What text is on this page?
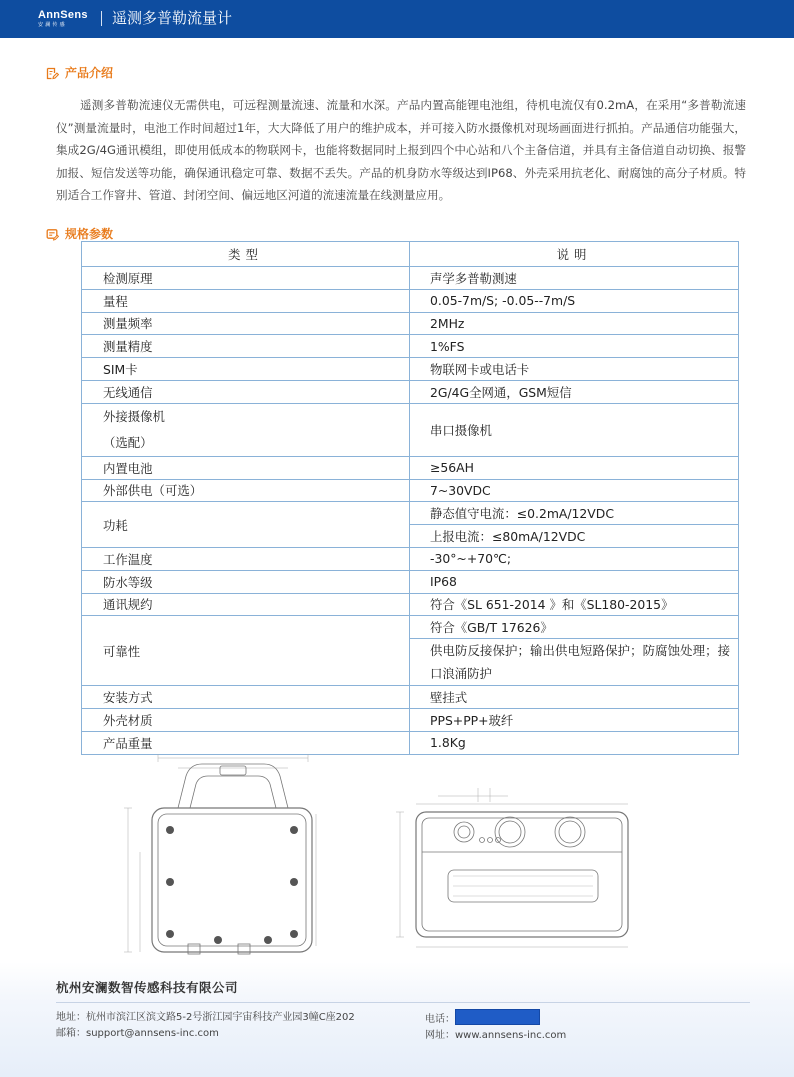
AnnSens
安澜传感	遥测多普勒流量计
产品介绍

遥测多普勒流速仪无需供电，可远程测量流速、流量和水深。产品内置高能锂电池组，待机电流仅有0.2mA，在采用“多普勒流速仪”测量流量时，电池工作时间超过1年，大大降低了用户的维护成本，并可接入防水摄像机对现场画面进行抓拍。产品通信功能强大，集成2G/4G通讯模组，即使用低成本的物联网卡，也能将数据同时上报到四个中心站和八个主备信道，并具有主备信道自动切换、报警加报、短信发送等功能，确保通讯稳定可靠、数据不丢失。产品的机身防水等级达到IP68、外壳采用抗老化、耐腐蚀的高分子材质。特别适合工作窨井、管道、封闭空间、偏远地区河道的流速流量在线测量应用。

规格参数
类型	说明
检测原理	声学多普勒测速
量程	0.05-7m/S; -0.05--7m/S
测量频率	2MHz
测量精度	1%FS
SIM卡	物联网卡或电话卡
无线通信	2G/4G全网通，GSM短信

外接摄像机
（选配）	串口摄像机
内置电池	≥56AH
外部供电（可选）	7~30VDC
功耗	静态值守电流：≤0.2mA/12VDC
	上报电流：≤80mA/12VDC
工作温度	-30°~+70℃;
防水等级	IP68
通讯规约	符合《SL 651-2014 》和《SL180-2015》
可靠性	符合《GB/T 17626》
	供电防反接保护；输出供电短路保护；防腐蚀处理；接口浪涌防护
安装方式	壁挂式
外壳材质	PPS+PP+玻纤
产品重量	1.8Kg
杭州安澜数智传感科技有限公司
地址：杭州市滨江区滨文路5-2号浙江园宇宙科技产业园3幢C座202
邮箱：support@annsens-inc.com
电话：
网址：www.annsens-inc.com
